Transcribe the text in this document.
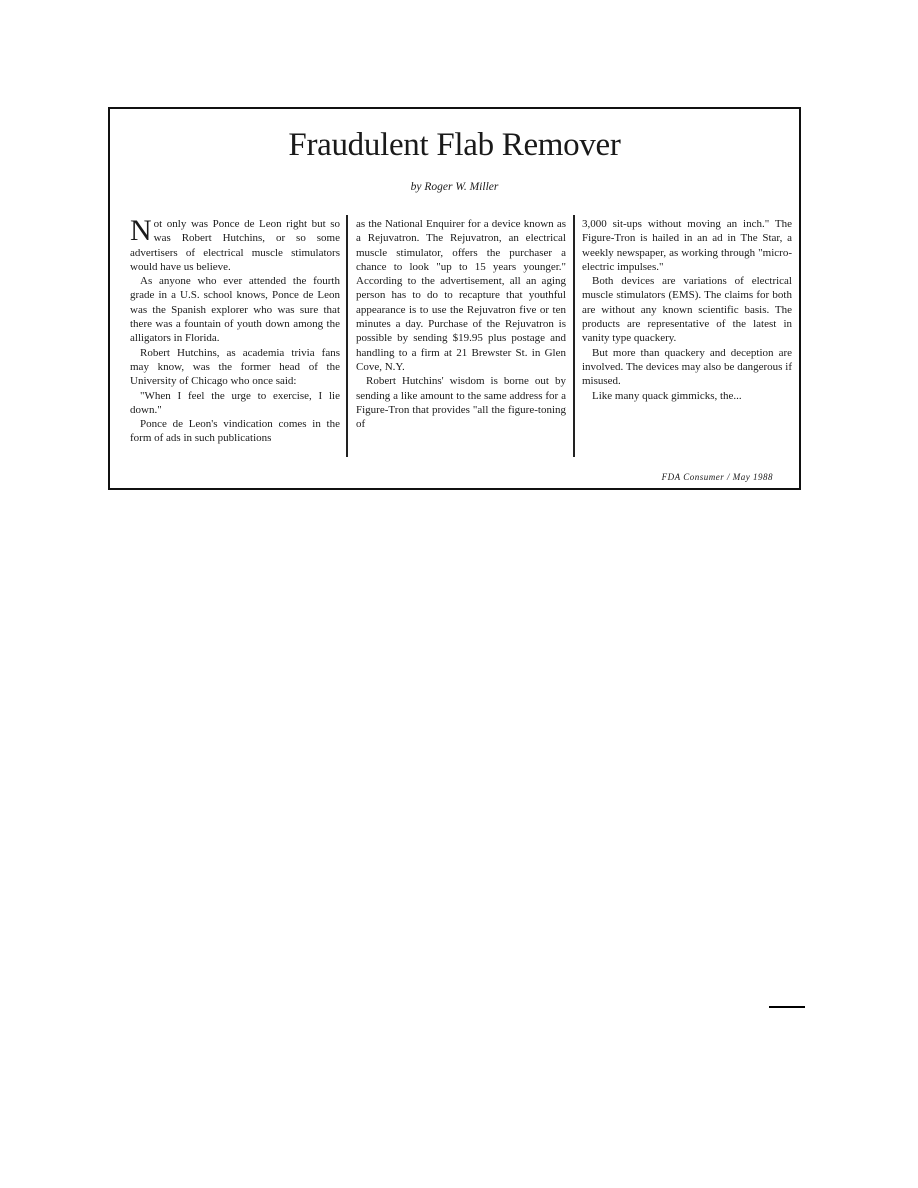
Fraudulent Flab Remover
by Roger W. Miller

Not only was Ponce de Leon right but so was Robert Hutchins, or so some advertisers of electrical muscle stimulators would have us believe.

As anyone who ever attended the fourth grade in a U.S. school knows, Ponce de Leon was the Spanish explorer who was sure that there was a fountain of youth down among the alligators in Florida.

Robert Hutchins, as academia trivia fans may know, was the former head of the University of Chicago who once said:

"When I feel the urge to exercise, I lie down."

Ponce de Leon's vindication comes in the form of ads in such publications

as the National Enquirer for a device known as a Rejuvatron. The Rejuvatron, an electrical muscle stimulator, offers the purchaser a chance to look "up to 15 years younger." According to the advertisement, all an aging person has to do to recapture that youthful appearance is to use the Rejuvatron five or ten minutes a day. Purchase of the Rejuvatron is possible by sending $19.95 plus postage and handling to a firm at 21 Brewster St. in Glen Cove, N.Y.

Robert Hutchins' wisdom is borne out by sending a like amount to the same address for a Figure-Tron that provides "all the figure-toning of

3,000 sit-ups without moving an inch." The Figure-Tron is hailed in an ad in The Star, a weekly newspaper, as working through "micro-electric impulses."

Both devices are variations of electrical muscle stimulators (EMS). The claims for both are without any known scientific basis. The products are representative of the latest in vanity type quackery.

But more than quackery and deception are involved. The devices may also be dangerous if misused.

Like many quack gimmicks, the...

FDA Consumer / May 1988
